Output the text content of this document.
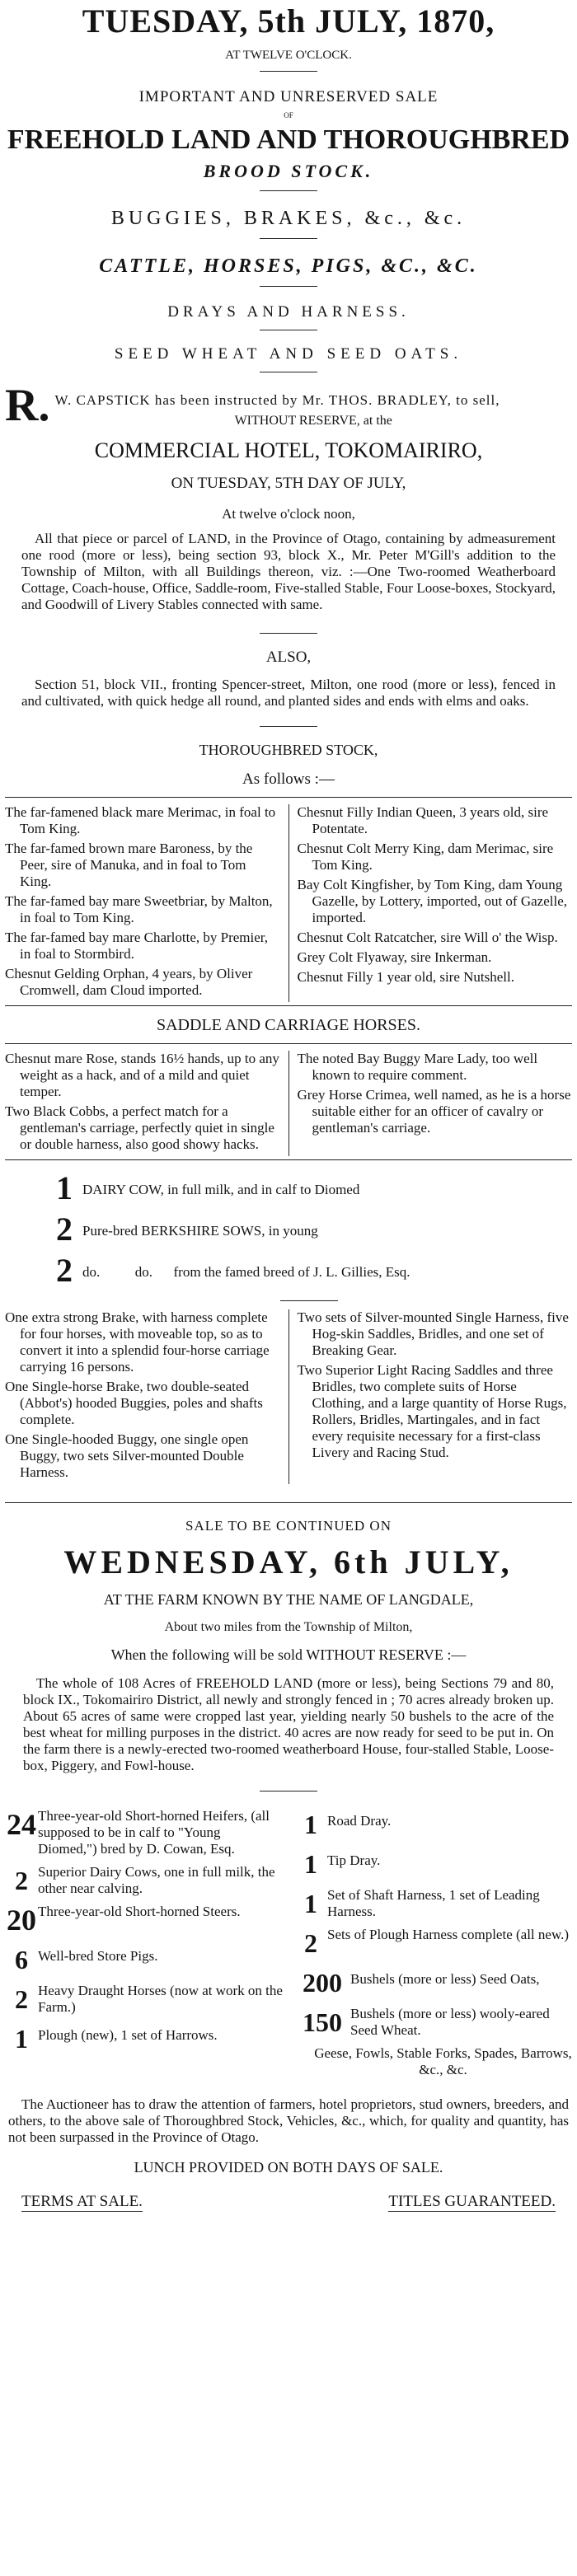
TUESDAY, 5th JULY, 1870,
AT TWELVE O'CLOCK.
IMPORTANT AND UNRESERVED SALE
OF
FREEHOLD LAND AND THOROUGHBRED
BROOD STOCK.
BUGGIES, BRAKES, &c., &c.
CATTLE, HORSES, PIGS, &C., &C.
DRAYS AND HARNESS.
SEED WHEAT AND SEED OATS.
R. W. CAPSTICK has been instructed by Mr. THOS. BRADLEY, to sell,
WITHOUT RESERVE, at the
COMMERCIAL HOTEL, TOKOMAIRIRO,
ON TUESDAY, 5TH DAY OF JULY,
At twelve o'clock noon,

All that piece or parcel of LAND, in the Province of Otago, containing by admeasurement one rood (more or less), being section 93, block X., Mr. Peter M'Gill's addition to the Township of Milton, with all Buildings thereon, viz. :—One Two-roomed Weatherboard Cottage, Coach-house, Office, Saddle-room, Five-stalled Stable, Four Loose-boxes, Stockyard, and Goodwill of Livery Stables connected with same.

ALSO,

Section 51, block VII., fronting Spencer-street, Milton, one rood (more or less), fenced in and cultivated, with quick hedge all round, and planted sides and ends with elms and oaks.

THOROUGHBRED STOCK,
As follows :—

The far-famened black mare Merimac, in foal to Tom King.

The far-famed brown mare Baroness, by the Peer, sire of Manuka, and in foal to Tom King.

The far-famed bay mare Sweetbriar, by Malton, in foal to Tom King.

The far-famed bay mare Charlotte, by Premier, in foal to Stormbird.

Chesnut Gelding Orphan, 4 years, by Oliver Cromwell, dam Cloud imported.

Chesnut Filly Indian Queen, 3 years old, sire Potentate.

Chesnut Colt Merry King, dam Merimac, sire Tom King.

Bay Colt Kingfisher, by Tom King, dam Young Gazelle, by Lottery, imported, out of Gazelle, imported.

Chesnut Colt Ratcatcher, sire Will o' the Wisp.

Grey Colt Flyaway, sire Inkerman.

Chesnut Filly 1 year old, sire Nutshell.

SADDLE AND CARRIAGE HORSES.

Chesnut mare Rose, stands 16½ hands, up to any weight as a hack, and of a mild and quiet temper.

Two Black Cobbs, a perfect match for a gentleman's carriage, perfectly quiet in single or double harness, also good showy hacks.

The noted Bay Buggy Mare Lady, too well known to require comment.

Grey Horse Crimea, well named, as he is a horse suitable either for an officer of cavalry or gentleman's carriage.

1 DAIRY COW, in full milk, and in calf to Diomed
2 Pure-bred BERKSHIRE SOWS, in young
2 do.          do.      from the famed breed of J. L. Gillies, Esq.

One extra strong Brake, with harness complete for four horses, with moveable top, so as to convert it into a splendid four-horse carriage carrying 16 persons.

One Single-horse Brake, two double-seated (Abbot's) hooded Buggies, poles and shafts complete.

One Single-hooded Buggy, one single open Buggy, two sets Silver-mounted Double Harness.

Two sets of Silver-mounted Single Harness, five Hog-skin Saddles, Bridles, and one set of Breaking Gear.

Two Superior Light Racing Saddles and three Bridles, two complete suits of Horse Clothing, and a large quantity of Horse Rugs, Rollers, Bridles, Martingales, and in fact every requisite necessary for a first-class Livery and Racing Stud.

SALE TO BE CONTINUED ON
WEDNESDAY, 6th JULY,
AT THE FARM KNOWN BY THE NAME OF LANGDALE,
About two miles from the Township of Milton,
When the following will be sold WITHOUT RESERVE :—

The whole of 108 Acres of FREEHOLD LAND (more or less), being Sections 79 and 80, block IX., Tokomairiro District, all newly and strongly fenced in ; 70 acres already broken up. About 65 acres of same were cropped last year, yielding nearly 50 bushels to the acre of the best wheat for milling purposes in the district. 40 acres are now ready for seed to be put in. On the farm there is a newly-erected two-roomed weatherboard House, four-stalled Stable, Loose-box, Piggery, and Fowl-house.

24 Three-year-old Short-horned Heifers, (all supposed to be in calf to "Young Diomed,") bred by D. Cowan, Esq.
2 Superior Dairy Cows, one in full milk, the other near calving.
20 Three-year-old Short-horned Steers.
6 Well-bred Store Pigs.
2 Heavy Draught Horses (now at work on the Farm.)
1 Plough (new), 1 set of Harrows.
1 Road Dray.
1 Tip Dray.
1 Set of Shaft Harness, 1 set of Leading Harness.
2 Sets of Plough Harness complete (all new.)
200 Bushels (more or less) Seed Oats,
150 Bushels (more or less) wooly-eared Seed Wheat.
Geese, Fowls, Stable Forks, Spades, Barrows, &c., &c.

The Auctioneer has to draw the attention of farmers, hotel proprietors, stud owners, breeders, and others, to the above sale of Thoroughbred Stock, Vehicles, &c., which, for quality and quantity, has not been surpassed in the Province of Otago.

LUNCH PROVIDED ON BOTH DAYS OF SALE.
TERMS AT SALE.	TITLES GUARANTEED.
